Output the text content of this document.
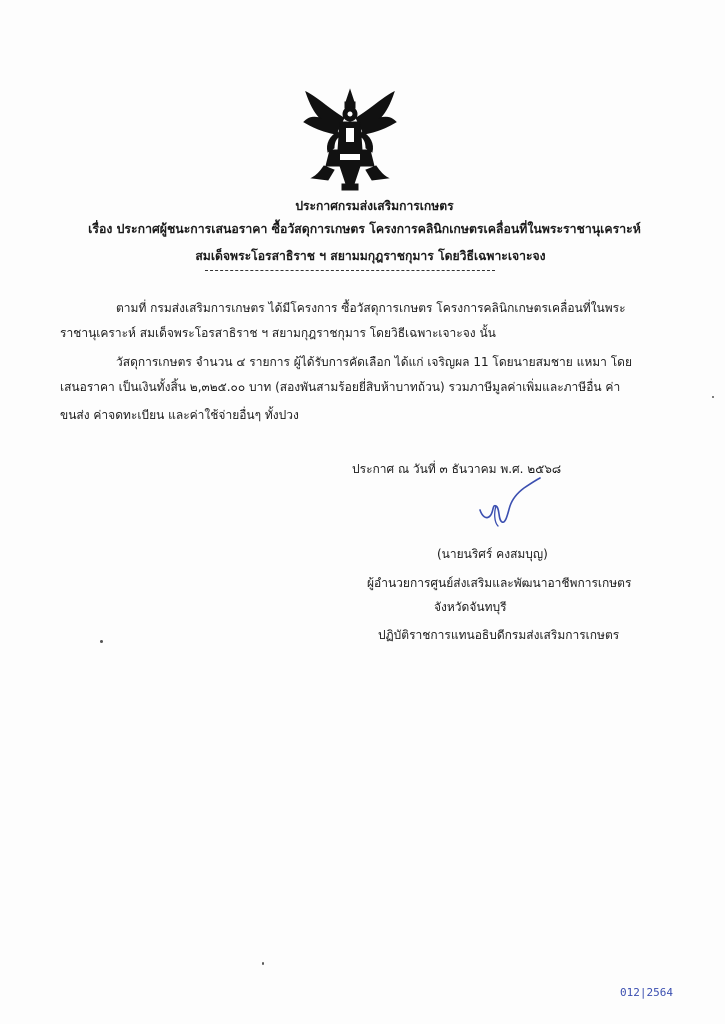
ประกาศกรมส่งเสริมการเกษตร
เรื่อง ประกาศผู้ชนะการเสนอราคา ซื้อวัสดุการเกษตร โครงการคลินิกเกษตรเคลื่อนที่ในพระราชานุเคราะห์
สมเด็จพระโอรสาธิราช ฯ สยามมกุฎราชกุมาร โดยวิธีเฉพาะเจาะจง
ตามที่ กรมส่งเสริมการเกษตร ได้มีโครงการ ซื้อวัสดุการเกษตร โครงการคลินิกเกษตรเคลื่อนที่ในพระ
ราชานุเคราะห์ สมเด็จพระโอรสาธิราช ฯ สยามกุฎราชกุมาร โดยวิธีเฉพาะเจาะจง นั้น
วัสดุการเกษตร จำนวน ๔ รายการ ผู้ได้รับการคัดเลือก ได้แก่ เจริญผล 11 โดยนายสมชาย แหมา โดย
เสนอราคา เป็นเงินทั้งสิ้น ๒,๓๒๕.๐๐ บาท (สองพันสามร้อยยี่สิบห้าบาทถ้วน) รวมภาษีมูลค่าเพิ่มและภาษีอื่น ค่า
ขนส่ง ค่าจดทะเบียน และค่าใช้จ่ายอื่นๆ ทั้งปวง
ประกาศ ณ วันที่ ๓ ธันวาคม พ.ศ. ๒๕๖๘
(นายนริศร์ คงสมบุญ)
ผู้อำนวยการศูนย์ส่งเสริมและพัฒนาอาชีพการเกษตร
จังหวัดจันทบุรี
ปฏิบัติราชการแทนอธิบดีกรมส่งเสริมการเกษตร
012|2564
